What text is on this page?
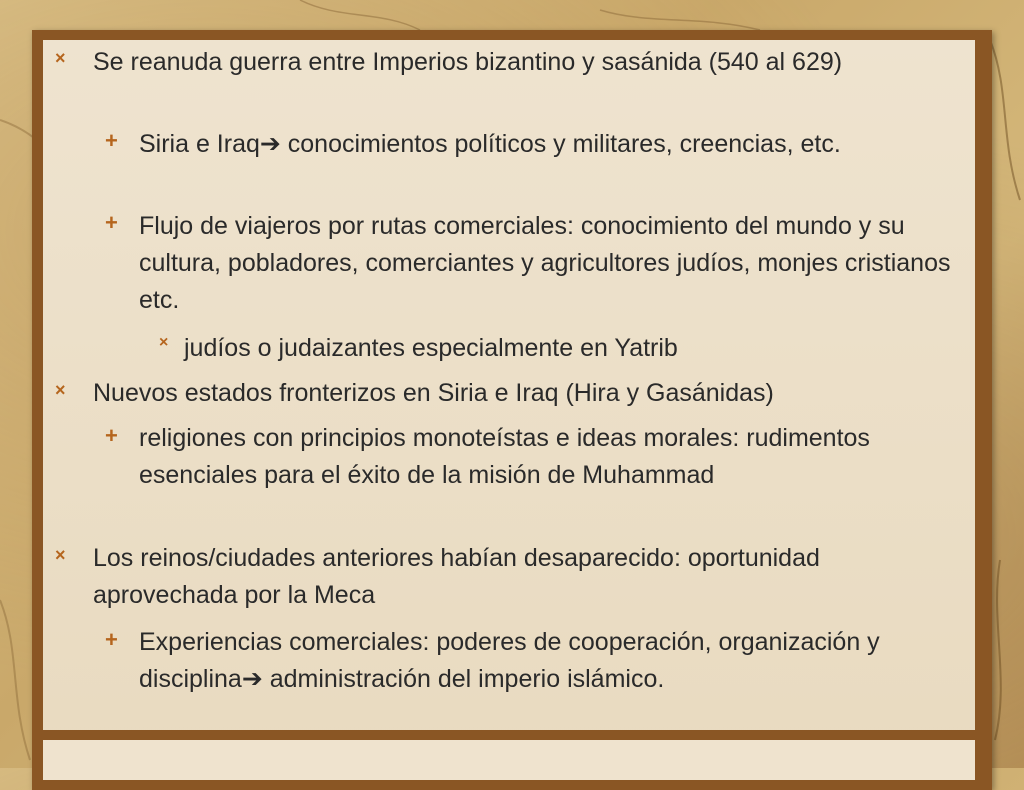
× Se reanuda guerra entre Imperios bizantino y sasánida (540 al 629)
+ Siria e Iraq➔ conocimientos políticos y militares, creencias, etc.
+ Flujo de viajeros por rutas comerciales: conocimiento del mundo y su cultura, pobladores, comerciantes y agricultores judíos, monjes cristianos etc.
× judíos o judaizantes especialmente en Yatrib
× Nuevos estados fronterizos en Siria e Iraq (Hira y Gasánidas)
+ religiones con principios monoteístas e ideas morales: rudimentos esenciales para el éxito de la misión de Muhammad
× Los reinos/ciudades anteriores habían desaparecido: oportunidad aprovechada por la Meca
+ Experiencias comerciales: poderes de cooperación, organización y disciplina➔ administración del imperio islámico.
